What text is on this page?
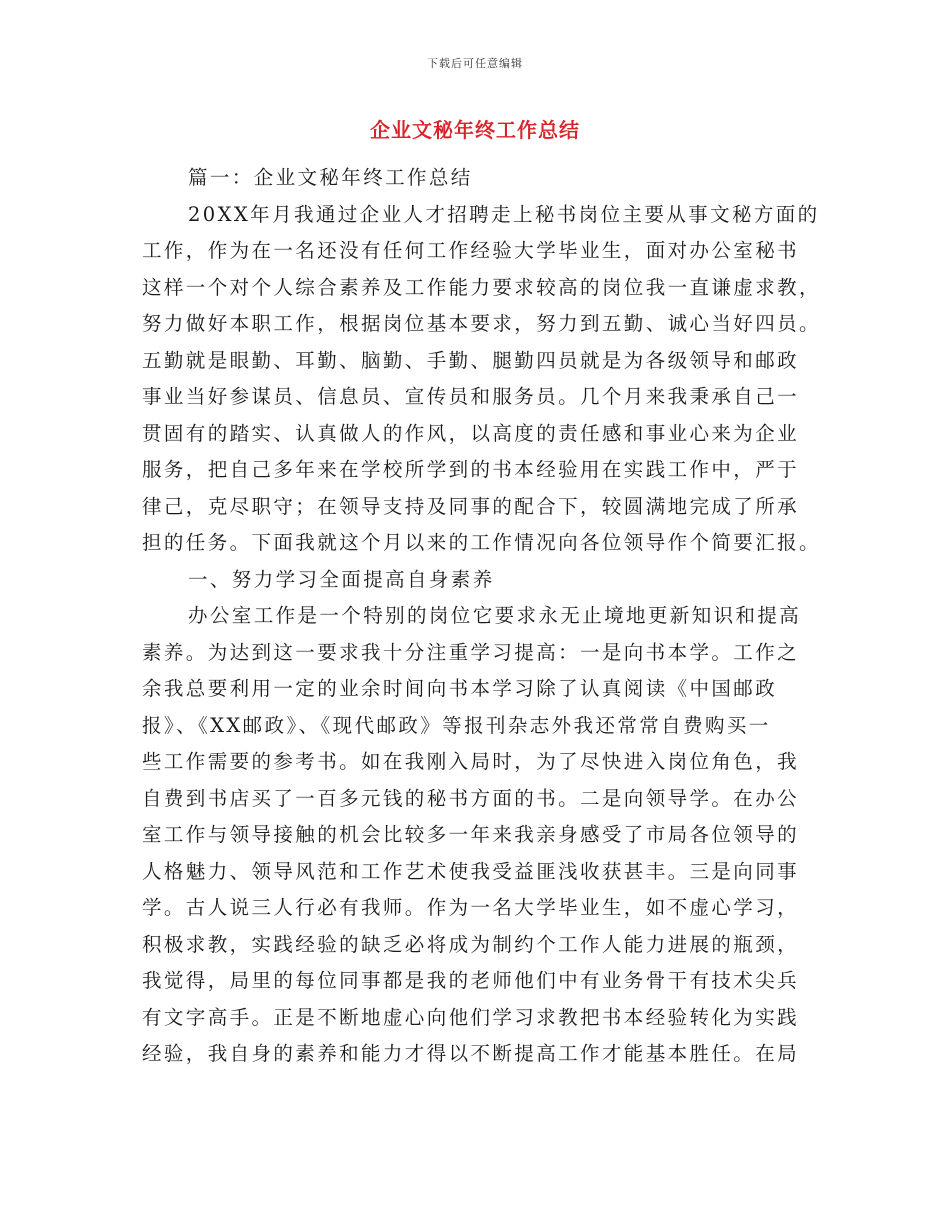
下载后可任意编辑
企业文秘年终工作总结
篇一：企业文秘年终工作总结
20XX年月我通过企业人才招聘走上秘书岗位主要从事文秘方面的
工作，作为在一名还没有任何工作经验大学毕业生，面对办公室秘书
这样一个对个人综合素养及工作能力要求较高的岗位我一直谦虚求教，
努力做好本职工作，根据岗位基本要求，努力到五勤、诚心当好四员。
五勤就是眼勤、耳勤、脑勤、手勤、腿勤四员就是为各级领导和邮政
事业当好参谋员、信息员、宣传员和服务员。几个月来我秉承自己一
贯固有的踏实、认真做人的作风，以高度的责任感和事业心来为企业
服务，把自己多年来在学校所学到的书本经验用在实践工作中，严于
律己，克尽职守；在领导支持及同事的配合下，较圆满地完成了所承
担的任务。下面我就这个月以来的工作情况向各位领导作个简要汇报。
一、努力学习全面提高自身素养
办公室工作是一个特别的岗位它要求永无止境地更新知识和提高
素养。为达到这一要求我十分注重学习提高：一是向书本学。工作之
余我总要利用一定的业余时间向书本学习除了认真阅读《中国邮政
报》、《XX邮政》、《现代邮政》等报刊杂志外我还常常自费购买一
些工作需要的参考书。如在我刚入局时，为了尽快进入岗位角色，我
自费到书店买了一百多元钱的秘书方面的书。二是向领导学。在办公
室工作与领导接触的机会比较多一年来我亲身感受了市局各位领导的
人格魅力、领导风范和工作艺术使我受益匪浅收获甚丰。三是向同事
学。古人说三人行必有我师。作为一名大学毕业生，如不虚心学习，
积极求教，实践经验的缺乏必将成为制约个工作人能力进展的瓶颈，
我觉得，局里的每位同事都是我的老师他们中有业务骨干有技术尖兵
有文字高手。正是不断地虚心向他们学习求教把书本经验转化为实践
经验，我自身的素养和能力才得以不断提高工作才能基本胜任。在局
